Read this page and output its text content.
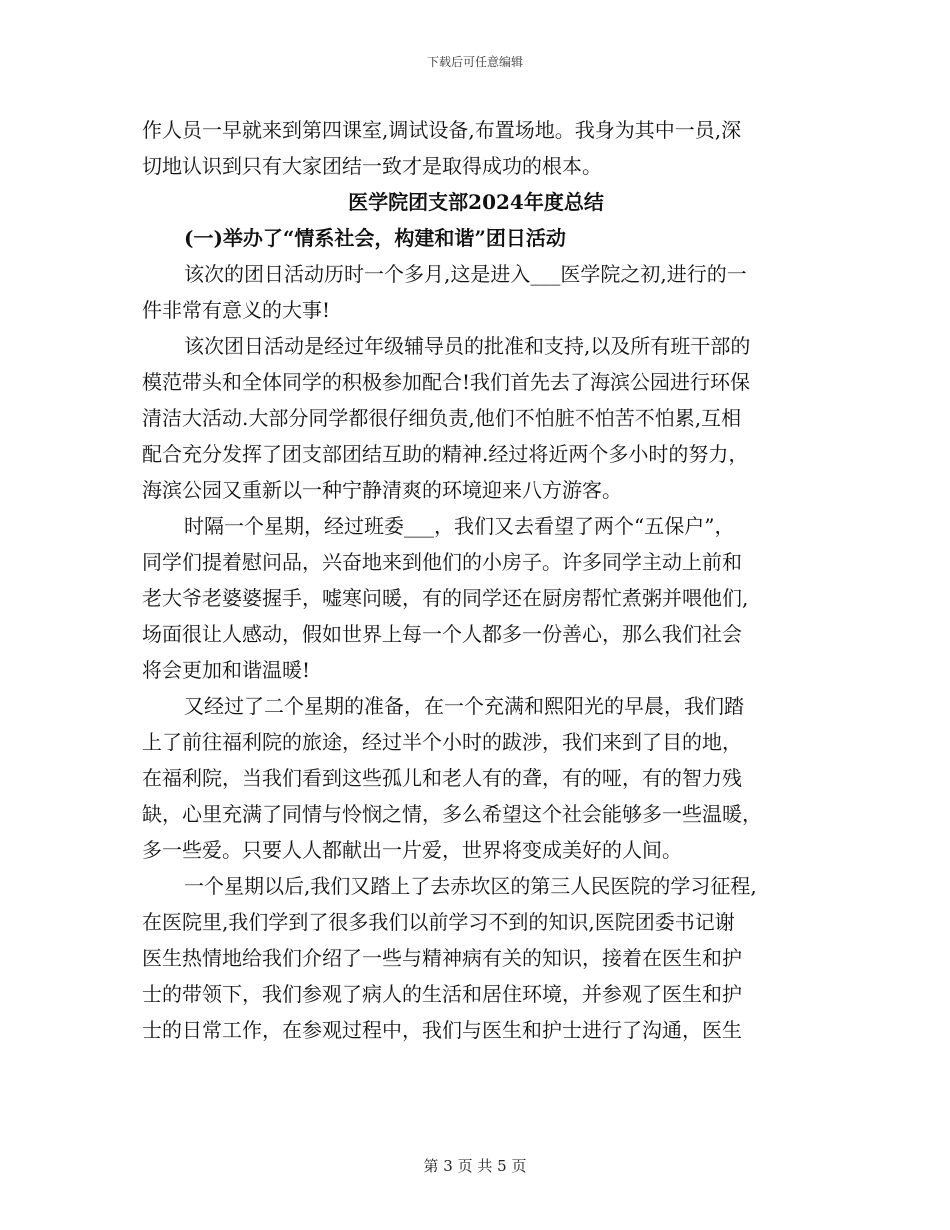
下载后可任意编辑
作人员一早就来到第四课室,调试设备,布置场地。我身为其中一员,深
切地认识到只有大家团结一致才是取得成功的根本。
医学院团支部2024年度总结
(一)举办了“情系社会，构建和谐”团日活动
该次的团日活动历时一个多月,这是进入___医学院之初,进行的一
件非常有意义的大事!
该次团日活动是经过年级辅导员的批准和支持,以及所有班干部的
模范带头和全体同学的积极参加配合!我们首先去了海滨公园进行环保
清洁大活动.大部分同学都很仔细负责,他们不怕脏不怕苦不怕累,互相
配合充分发挥了团支部团结互助的精神.经过将近两个多小时的努力，
海滨公园又重新以一种宁静清爽的环境迎来八方游客。
时隔一个星期，经过班委___，我们又去看望了两个“五保户”，
同学们提着慰问品，兴奋地来到他们的小房子。许多同学主动上前和
老大爷老婆婆握手，嘘寒问暖，有的同学还在厨房帮忙煮粥并喂他们,
场面很让人感动，假如世界上每一个人都多一份善心，那么我们社会
将会更加和谐温暖!
又经过了二个星期的准备，在一个充满和熙阳光的早晨，我们踏
上了前往福利院的旅途，经过半个小时的跋涉，我们来到了目的地，
在福利院，当我们看到这些孤儿和老人有的聋，有的哑，有的智力残
缺，心里充满了同情与怜悯之情，多么希望这个社会能够多一些温暖，
多一些爱。只要人人都献出一片爱，世界将变成美好的人间。
一个星期以后,我们又踏上了去赤坎区的第三人民医院的学习征程,
在医院里,我们学到了很多我们以前学习不到的知识,医院团委书记谢
医生热情地给我们介绍了一些与精神病有关的知识，接着在医生和护
士的带领下，我们参观了病人的生活和居住环境，并参观了医生和护
士的日常工作，在参观过程中，我们与医生和护士进行了沟通，医生
第 3 页 共 5 页
